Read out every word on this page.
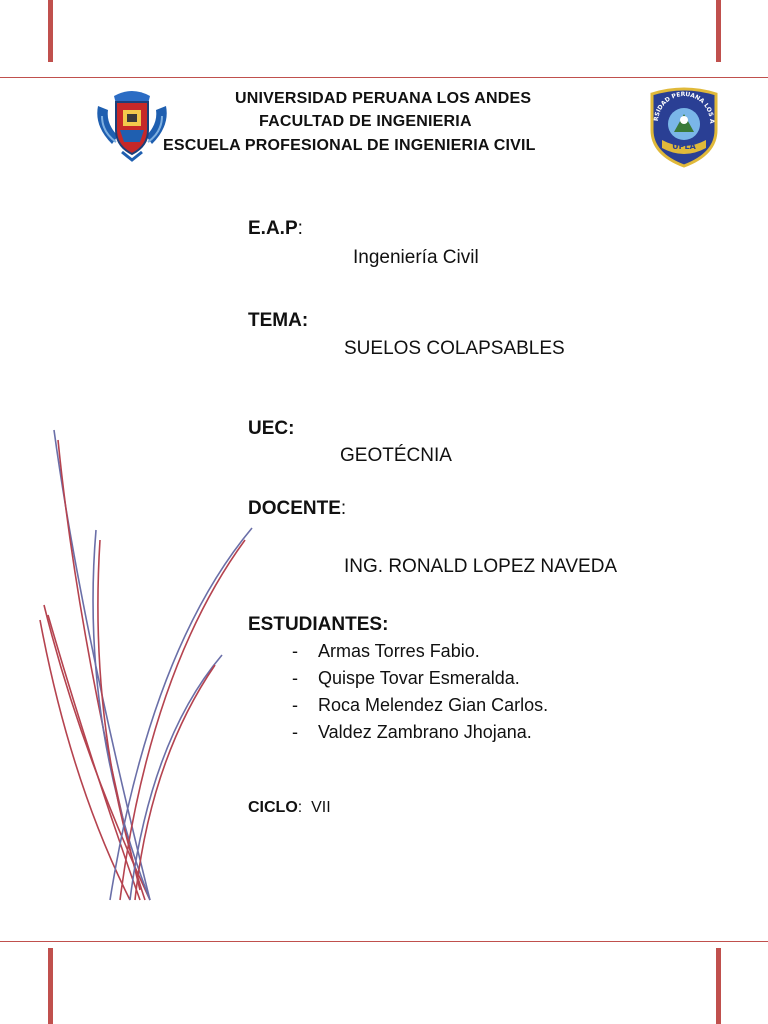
UNIVERSIDAD PERUANA LOS ANDES
FACULTAD DE INGENIERIA
ESCUELA PROFESIONAL DE INGENIERIA CIVIL
RSIDAD PERUANA LOS A
UPLA
E.A.P:
Ingeniería Civil
TEMA:
SUELOS COLAPSABLES
UEC:
GEOTÉCNIA
DOCENTE:
ING. RONALD LOPEZ NAVEDA
ESTUDIANTES:
- Armas Torres Fabio.
- Quispe Tovar Esmeralda.
- Roca Melendez Gian Carlos.
- Valdez Zambrano Jhojana.
CICLO: VII
